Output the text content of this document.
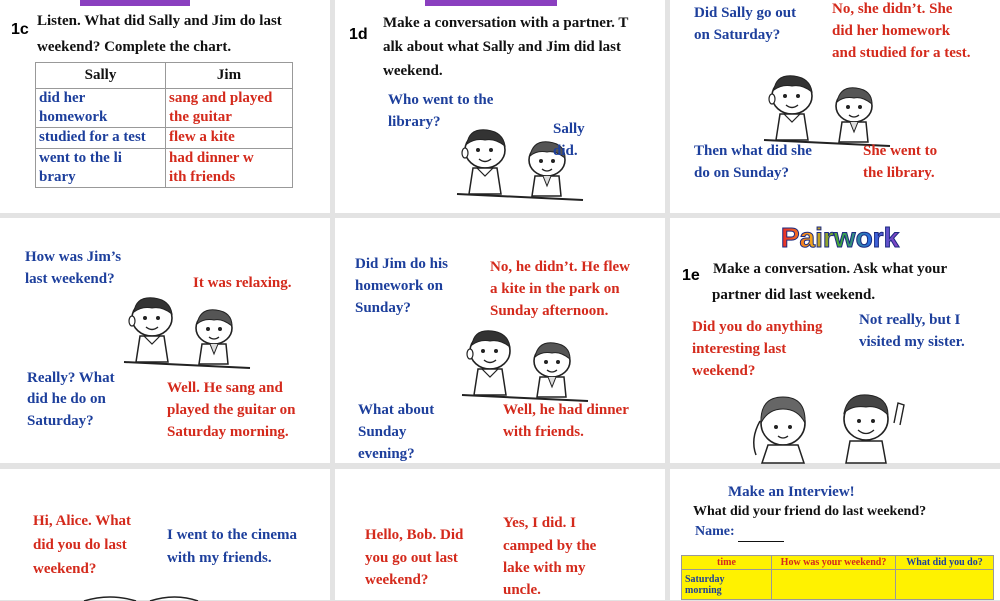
1c Listen. What did Sally and Jim do last
weekend? Complete the chart.
Sally	Jim
did her
homework	sang and played
the guitar
studied for a test	flew a kite
went to the li
brary	had dinner w
ith friends
1d
Make a conversation with a partner. T
alk about what Sally and Jim did last
weekend.
Who went to the
library?	Sally
did.
Did Sally go out
on Saturday?
No, she didn’t. She
did her homework
and studied for a test.
Then what did she
do on Sunday?
She went to
the library.
How was Jim’s
last weekend?	It was relaxing.
Really? What
did he do on
Saturday?
Well. He sang and
played the guitar on
Saturday morning.
Did Jim do his
homework on
Sunday?
No, he didn’t. He flew
a kite in the park on
Sunday afternoon.
What about
Sunday
evening?
Well, he had dinner
with friends.
Pairwork
1e Make a conversation. Ask what your
partner did last weekend.
Did you do anything
interesting last
weekend?
Not really, but I
visited my sister.
Hi, Alice. What
did you do last
weekend?
I went to the cinema
with my friends.
Hello, Bob. Did
you go out last
weekend?
Yes, I did. I
camped by the
lake with my
uncle.
Make an Interview!
What did your friend do last weekend?
Name:
time	How was your weekend?	What did you do?
Saturday
morning		
